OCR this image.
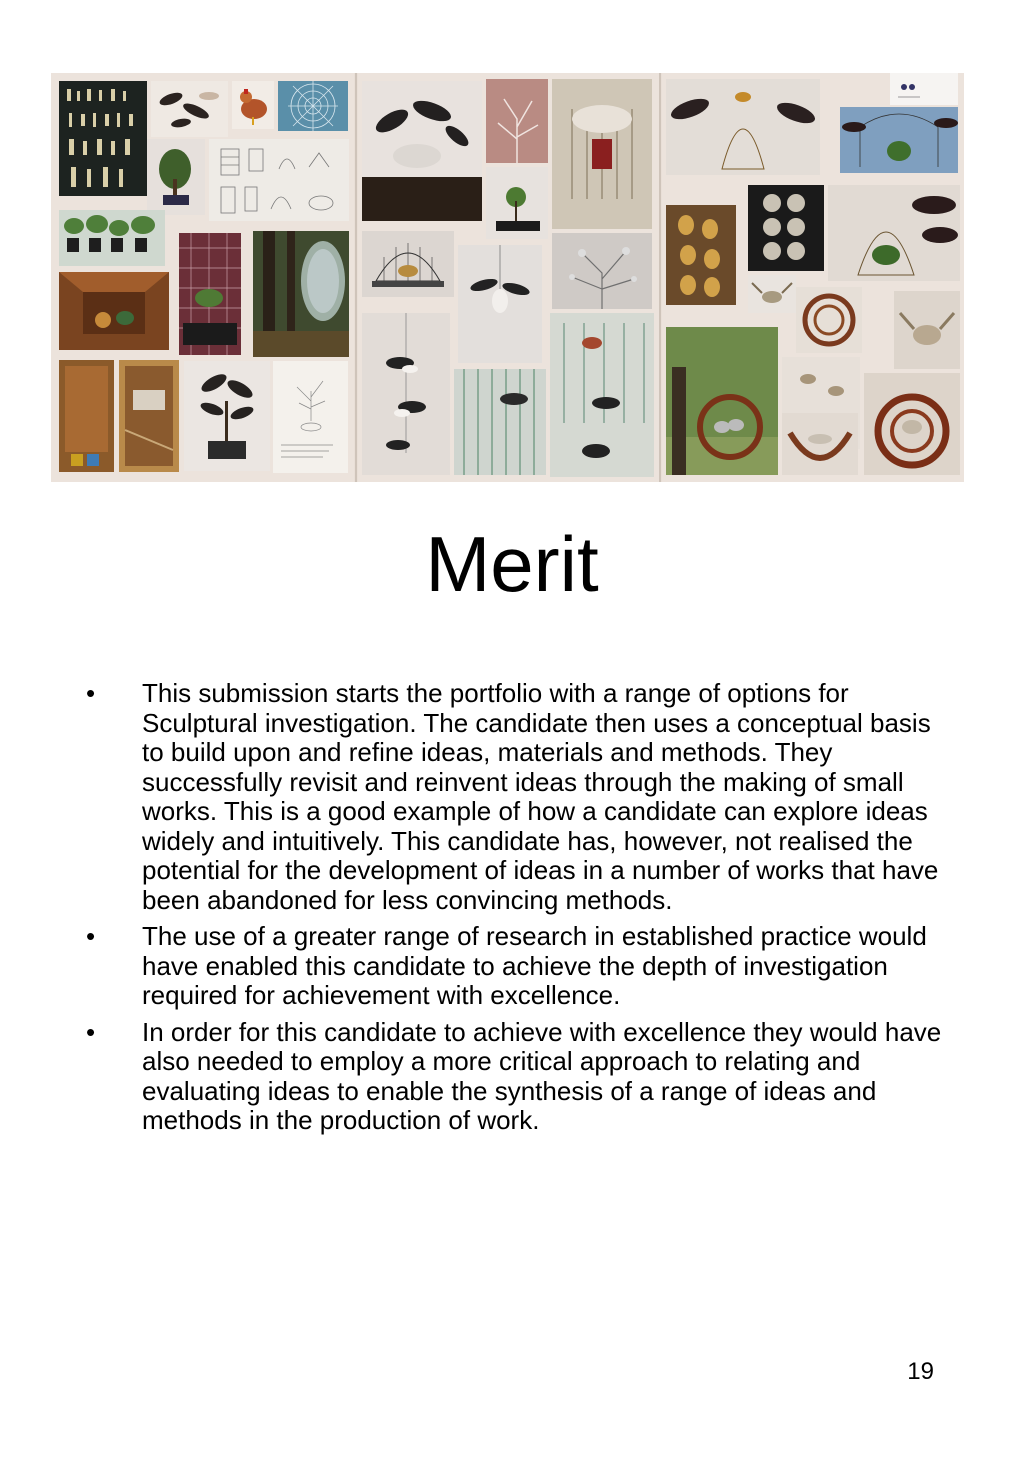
Merit
• This submission starts the portfolio with a range of options for Sculptural investigation. The candidate then uses a conceptual basis to build upon and refine ideas, materials and methods. They successfully revisit and reinvent ideas through the making of small works. This is a good example of how a candidate can explore ideas widely and intuitively. This candidate has, however, not realised the potential for the development of ideas in a number of works that have been abandoned for less convincing methods.
• The use of a greater range of research in established practice would have enabled this candidate to achieve the depth of investigation required for achievement with excellence.
• In order for this candidate to achieve with excellence they would have also needed to employ a more critical approach to relating and evaluating ideas to enable the synthesis of a range of ideas and methods in the production of work.
19
